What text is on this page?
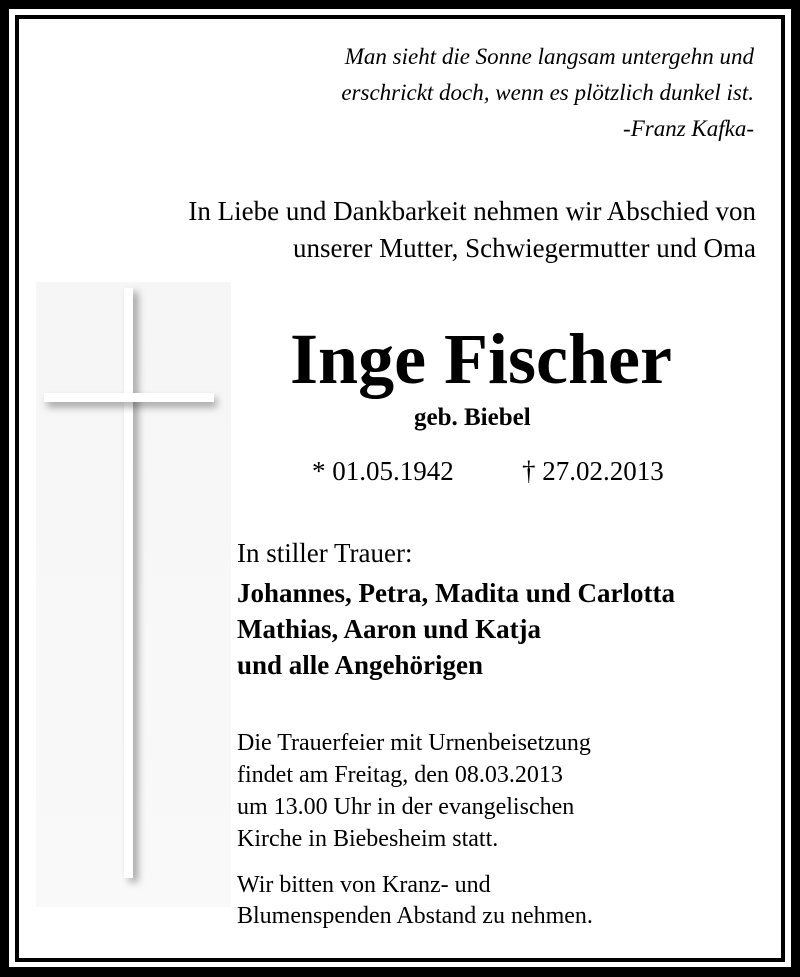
Man sieht die Sonne langsam untergehn und
erschrickt doch, wenn es plötzlich dunkel ist.
-Franz Kafka-
In Liebe und Dankbarkeit nehmen wir Abschied von
unserer Mutter, Schwiegermutter und Oma
Inge Fischer
geb. Biebel
* 01.05.1942	† 27.02.2013
In stiller Trauer:
Johannes, Petra, Madita und Carlotta
Mathias, Aaron und Katja
und alle Angehörigen
Die Trauerfeier mit Urnenbeisetzung
findet am Freitag, den 08.03.2013
um 13.00 Uhr in der evangelischen
Kirche in Biebesheim statt.
Wir bitten von Kranz- und
Blumenspenden Abstand zu nehmen.
